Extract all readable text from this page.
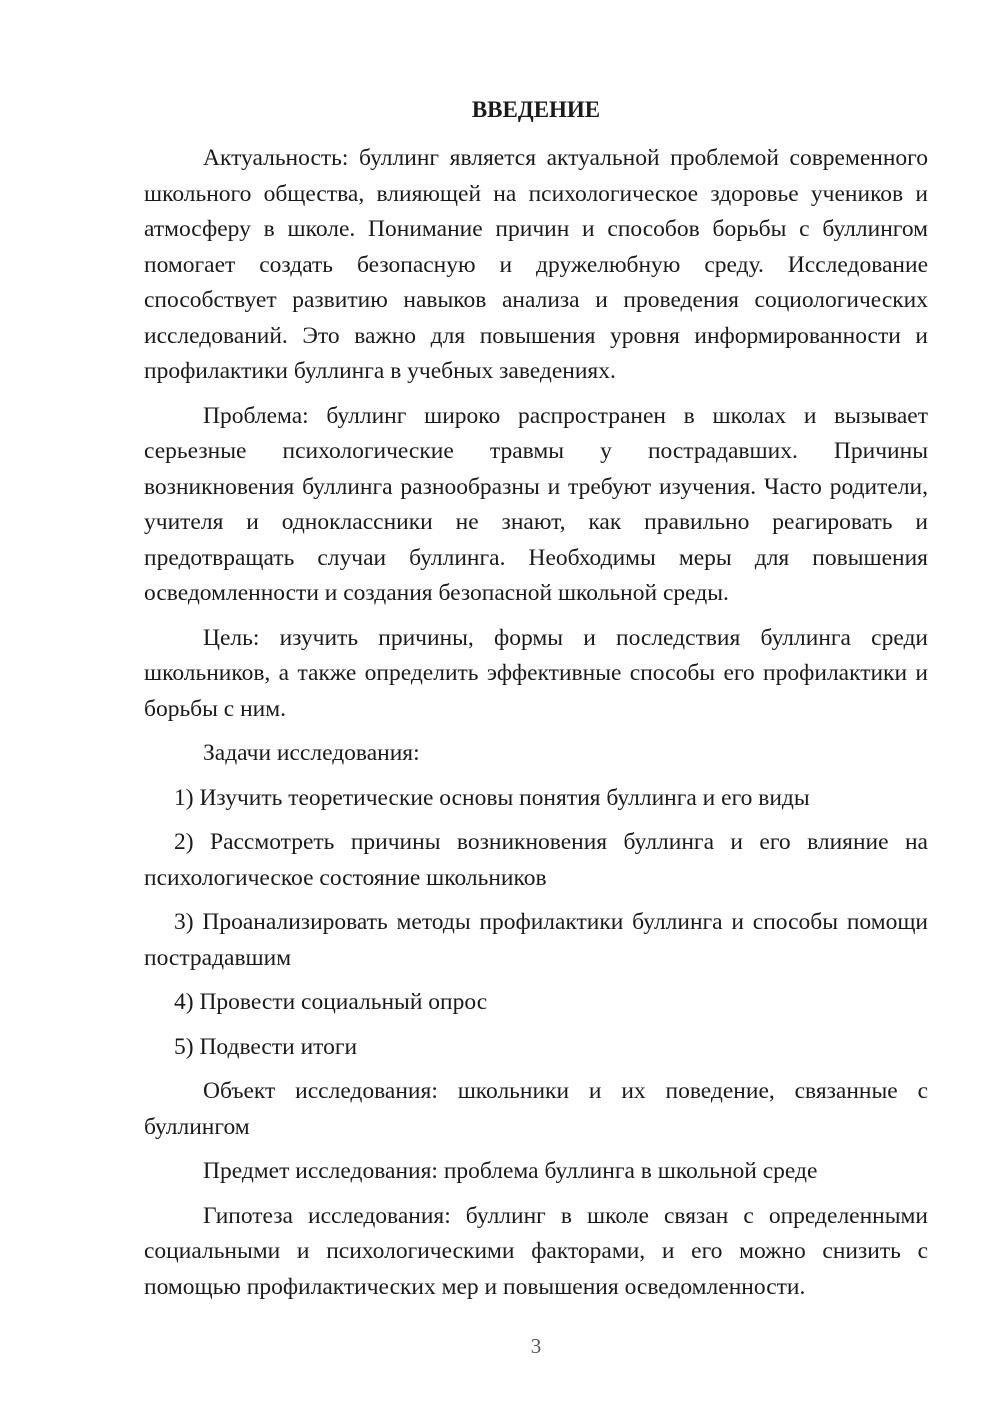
ВВЕДЕНИЕ

Актуальность: буллинг является актуальной проблемой современного школьного общества, влияющей на психологическое здоровье учеников и атмосферу в школе. Понимание причин и способов борьбы с буллингом помогает создать безопасную и дружелюбную среду. Исследование способствует развитию навыков анализа и проведения социологических исследований. Это важно для повышения уровня информированности и профилактики буллинга в учебных заведениях.

Проблема: буллинг широко распространен в школах и вызывает серьезные психологические травмы у пострадавших. Причины возникновения буллинга разнообразны и требуют изучения. Часто родители, учителя и одноклассники не знают, как правильно реагировать и предотвращать случаи буллинга. Необходимы меры для повышения осведомленности и создания безопасной школьной среды.

Цель: изучить причины, формы и последствия буллинга среди школьников, а также определить эффективные способы его профилактики и борьбы с ним.

Задачи исследования:

1) Изучить теоретические основы понятия буллинга и его виды

2) Рассмотреть причины возникновения буллинга и его влияние на психологическое состояние школьников

3) Проанализировать методы профилактики буллинга и способы помощи пострадавшим

4) Провести социальный опрос

5) Подвести итоги

Объект исследования: школьники и их поведение, связанные с буллингом

Предмет исследования: проблема буллинга в школьной среде

Гипотеза исследования: буллинг в школе связан с определенными социальными и психологическими факторами, и его можно снизить с помощью профилактических мер и повышения осведомленности.

3
